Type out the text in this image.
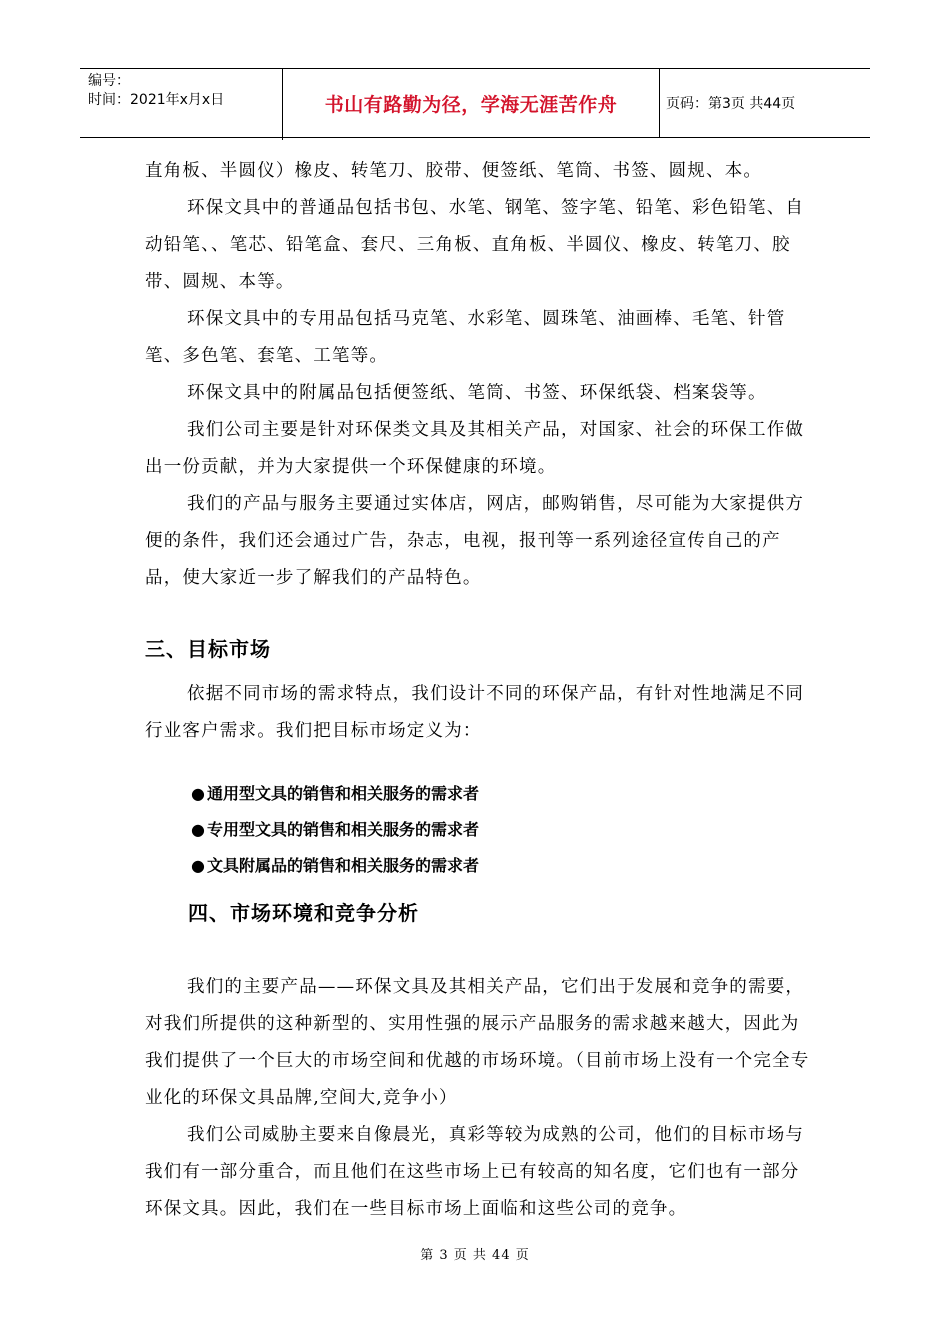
编号：
时间：2021年x月x日	书山有路勤为径，学海无涯苦作舟	页码：第3页 共44页

直角板、半圆仪）橡皮、转笔刀、胶带、便签纸、笔筒、书签、圆规、本。

环保文具中的普通品包括书包、水笔、钢笔、签字笔、铅笔、彩色铅笔、自动铅笔、、笔芯、铅笔盒、套尺、三角板、直角板、半圆仪、橡皮、转笔刀、胶带、圆规、本等。

环保文具中的专用品包括马克笔、水彩笔、圆珠笔、油画棒、毛笔、针管笔、多色笔、套笔、工笔等。

环保文具中的附属品包括便签纸、笔筒、书签、环保纸袋、档案袋等。

我们公司主要是针对环保类文具及其相关产品，对国家、社会的环保工作做出一份贡献，并为大家提供一个环保健康的环境。

我们的产品与服务主要通过实体店，网店，邮购销售，尽可能为大家提供方便的条件，我们还会通过广告，杂志，电视，报刊等一系列途径宣传自己的产品，使大家近一步了解我们的产品特色。

三、目标市场

依据不同市场的需求特点，我们设计不同的环保产品，有针对性地满足不同行业客户需求。我们把目标市场定义为：

● 通用型文具的销售和相关服务的需求者
● 专用型文具的销售和相关服务的需求者
● 文具附属品的销售和相关服务的需求者
四、市场环境和竞争分析

我们的主要产品——环保文具及其相关产品，它们出于发展和竞争的需要，对我们所提供的这种新型的、实用性强的展示产品服务的需求越来越大，因此为我们提供了一个巨大的市场空间和优越的市场环境。（目前市场上没有一个完全专业化的环保文具品牌,空间大,竞争小）

我们公司威胁主要来自像晨光，真彩等较为成熟的公司，他们的目标市场与我们有一部分重合，而且他们在这些市场上已有较高的知名度，它们也有一部分环保文具。因此，我们在一些目标市场上面临和这些公司的竞争。

第 3 页 共 44 页
